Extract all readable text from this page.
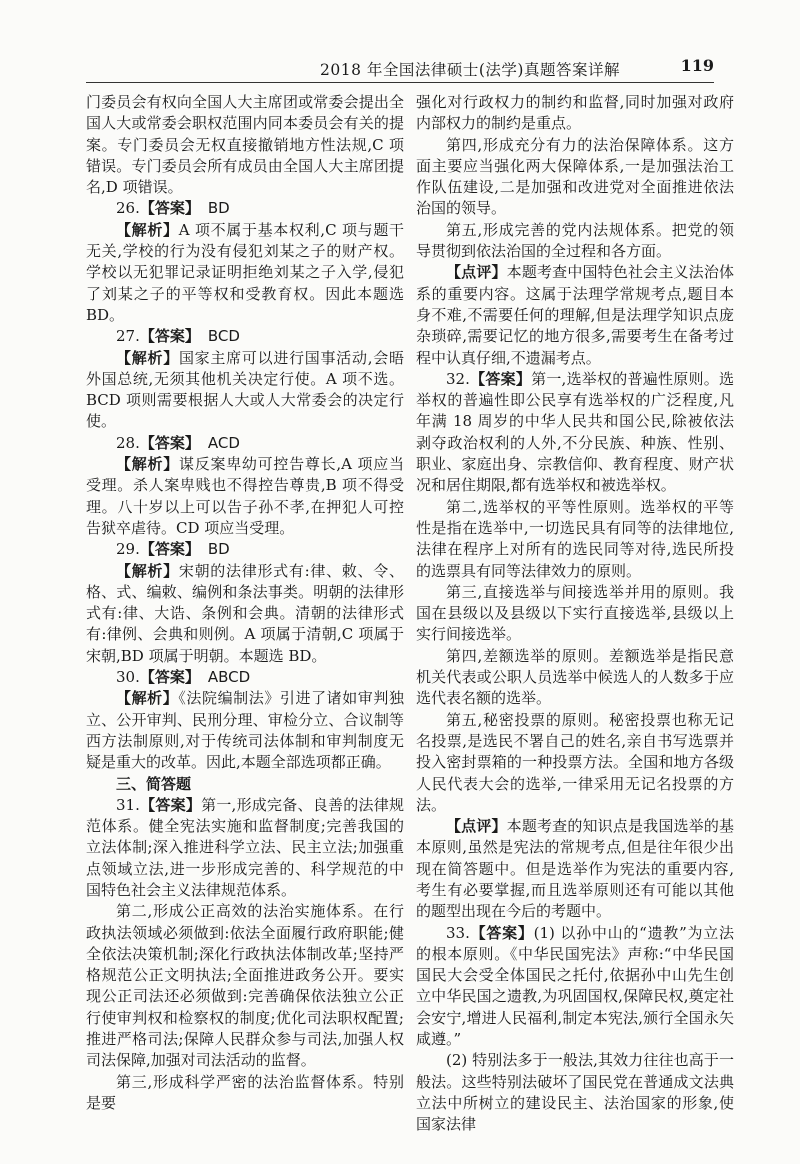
2018 年全国法律硕士(法学)真题答案详解	119

门委员会有权向全国人大主席团或常委会提出全国人大或常委会职权范围内同本委员会有关的提案。专门委员会无权直接撤销地方性法规,C 项错误。专门委员会所有成员由全国人大主席团提名,D 项错误。

26.【答案】 BD

【解析】A 项不属于基本权利,C 项与题干无关,学校的行为没有侵犯刘某之子的财产权。学校以无犯罪记录证明拒绝刘某之子入学,侵犯了刘某之子的平等权和受教育权。因此本题选 BD。

27.【答案】 BCD

【解析】国家主席可以进行国事活动,会晤外国总统,无须其他机关决定行使。A 项不选。BCD 项则需要根据人大或人大常委会的决定行使。

28.【答案】 ACD

【解析】谋反案卑幼可控告尊长,A 项应当受理。杀人案卑贱也不得控告尊贵,B 项不得受理。八十岁以上可以告子孙不孝,在押犯人可控告狱卒虐待。CD 项应当受理。

29.【答案】 BD

【解析】宋朝的法律形式有:律、敕、令、格、式、编敕、编例和条法事类。明朝的法律形式有:律、大诰、条例和会典。清朝的法律形式有:律例、会典和则例。A 项属于清朝,C 项属于宋朝,BD 项属于明朝。本题选 BD。

30.【答案】 ABCD

【解析】《法院编制法》引进了诸如审判独立、公开审判、民刑分理、审检分立、合议制等西方法制原则,对于传统司法体制和审判制度无疑是重大的改革。因此,本题全部选项都正确。

三、简答题

31.【答案】第一,形成完备、良善的法律规范体系。健全宪法实施和监督制度;完善我国的立法体制;深入推进科学立法、民主立法;加强重点领域立法,进一步形成完善的、科学规范的中国特色社会主义法律规范体系。

第二,形成公正高效的法治实施体系。在行政执法领域必须做到:依法全面履行政府职能;健全依法决策机制;深化行政执法体制改革;坚持严格规范公正文明执法;全面推进政务公开。要实现公正司法还必须做到:完善确保依法独立公正行使审判权和检察权的制度;优化司法职权配置;推进严格司法;保障人民群众参与司法,加强人权司法保障,加强对司法活动的监督。

第三,形成科学严密的法治监督体系。特别是要

强化对行政权力的制约和监督,同时加强对政府内部权力的制约是重点。

第四,形成充分有力的法治保障体系。这方面主要应当强化两大保障体系,一是加强法治工作队伍建设,二是加强和改进党对全面推进依法治国的领导。

第五,形成完善的党内法规体系。把党的领导贯彻到依法治国的全过程和各方面。

【点评】本题考查中国特色社会主义法治体系的重要内容。这属于法理学常规考点,题目本身不难,不需要任何的理解,但是法理学知识点庞杂琐碎,需要记忆的地方很多,需要考生在备考过程中认真仔细,不遗漏考点。

32.【答案】第一,选举权的普遍性原则。选举权的普遍性即公民享有选举权的广泛程度,凡年满 18 周岁的中华人民共和国公民,除被依法剥夺政治权利的人外,不分民族、种族、性别、职业、家庭出身、宗教信仰、教育程度、财产状况和居住期限,都有选举权和被选举权。

第二,选举权的平等性原则。选举权的平等性是指在选举中,一切选民具有同等的法律地位,法律在程序上对所有的选民同等对待,选民所投的选票具有同等法律效力的原则。

第三,直接选举与间接选举并用的原则。我国在县级以及县级以下实行直接选举,县级以上实行间接选举。

第四,差额选举的原则。差额选举是指民意机关代表或公职人员选举中候选人的人数多于应选代表名额的选举。

第五,秘密投票的原则。秘密投票也称无记名投票,是选民不署自己的姓名,亲自书写选票并投入密封票箱的一种投票方法。全国和地方各级人民代表大会的选举,一律采用无记名投票的方法。

【点评】本题考查的知识点是我国选举的基本原则,虽然是宪法的常规考点,但是往年很少出现在简答题中。但是选举作为宪法的重要内容,考生有必要掌握,而且选举原则还有可能以其他的题型出现在今后的考题中。

33.【答案】(1) 以孙中山的“遗教”为立法的根本原则。《中华民国宪法》声称:“中华民国国民大会受全体国民之托付,依据孙中山先生创立中华民国之遗教,为巩固国权,保障民权,奠定社会安宁,增进人民福利,制定本宪法,颁行全国永矢咸遵。”

(2) 特别法多于一般法,其效力往往也高于一般法。这些特别法破坏了国民党在普通成文法典立法中所树立的建设民主、法治国家的形象,使国家法律
